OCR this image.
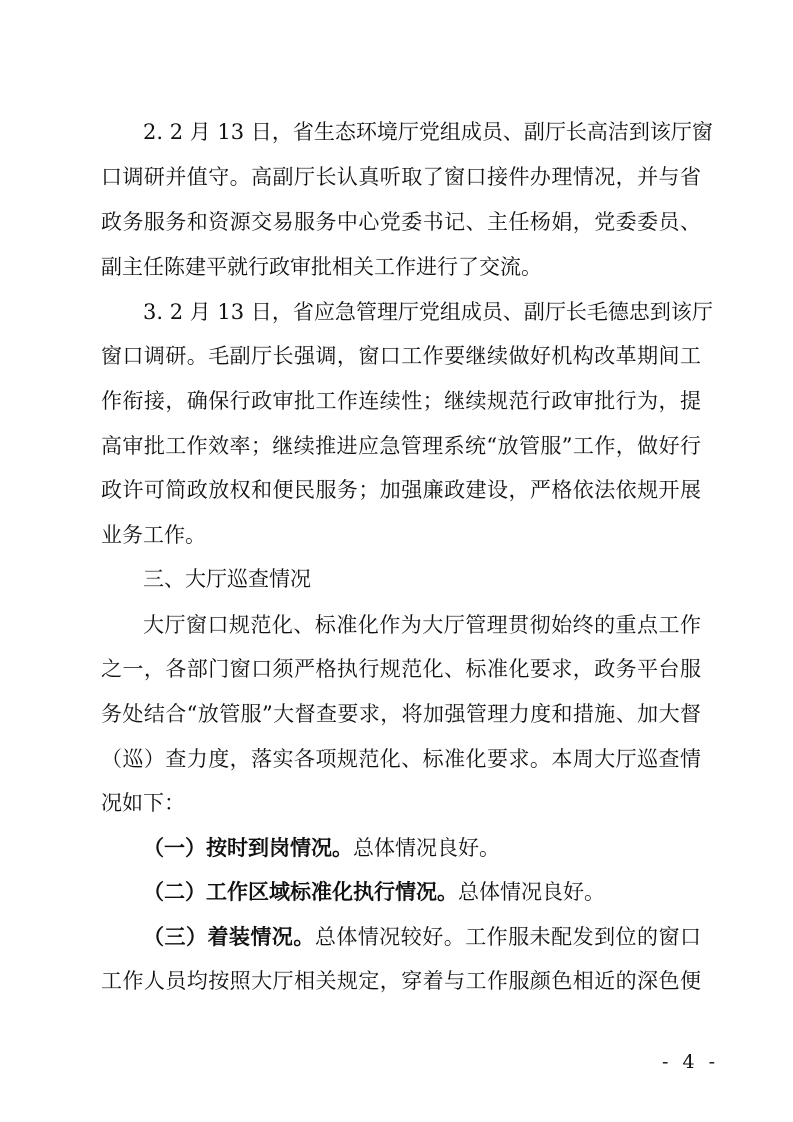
2. 2 月 13 日，省生态环境厅党组成员、副厅长高洁到该厅窗
口调研并值守。高副厅长认真听取了窗口接件办理情况，并与省
政务服务和资源交易服务中心党委书记、主任杨娟，党委委员、
副主任陈建平就行政审批相关工作进行了交流。
3. 2 月 13 日，省应急管理厅党组成员、副厅长毛德忠到该厅
窗口调研。毛副厅长强调，窗口工作要继续做好机构改革期间工
作衔接，确保行政审批工作连续性；继续规范行政审批行为，提
高审批工作效率；继续推进应急管理系统“放管服”工作，做好行
政许可简政放权和便民服务；加强廉政建设，严格依法依规开展
业务工作。
三、大厅巡查情况
大厅窗口规范化、标准化作为大厅管理贯彻始终的重点工作
之一，各部门窗口须严格执行规范化、标准化要求，政务平台服
务处结合“放管服”大督查要求，将加强管理力度和措施、加大督
（巡）查力度，落实各项规范化、标准化要求。本周大厅巡查情
况如下：
（一）按时到岗情况。总体情况良好。
（二）工作区域标准化执行情况。总体情况良好。
（三）着装情况。总体情况较好。工作服未配发到位的窗口
工作人员均按照大厅相关规定，穿着与工作服颜色相近的深色便
- 4 -
